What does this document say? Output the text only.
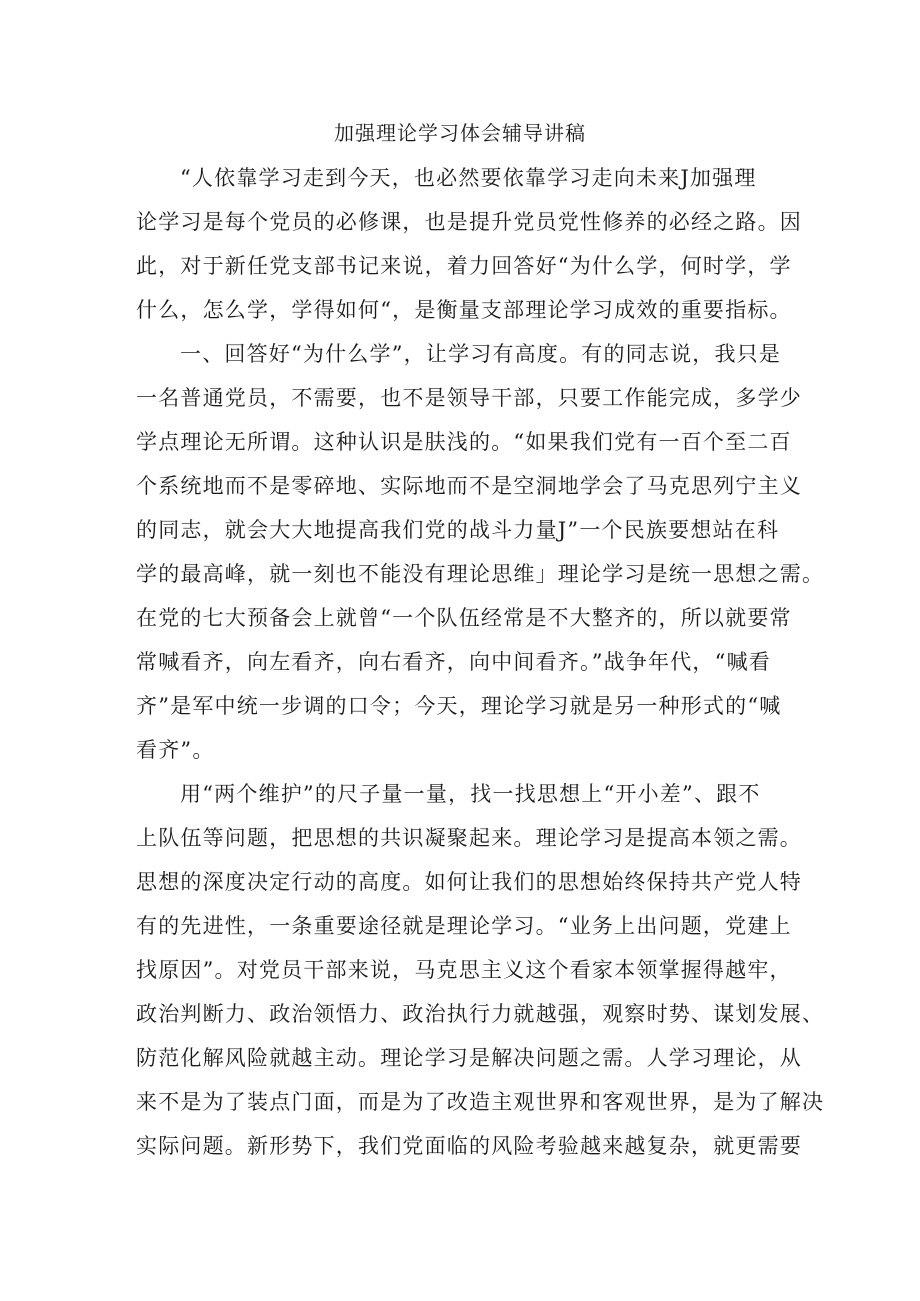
加强理论学习体会辅导讲稿
“人依靠学习走到今天，也必然要依靠学习走向未来J加强理
论学习是每个党员的必修课，也是提升党员党性修养的必经之路。因
此，对于新任党支部书记来说，着力回答好“为什么学，何时学，学
什么，怎么学，学得如何“，是衡量支部理论学习成效的重要指标。
一、回答好“为什么学”，让学习有高度。有的同志说，我只是
一名普通党员，不需要，也不是领导干部，只要工作能完成，多学少
学点理论无所谓。这种认识是肤浅的。“如果我们党有一百个至二百
个系统地而不是零碎地、实际地而不是空洞地学会了马克思列宁主义
的同志，就会大大地提高我们党的战斗力量J”一个民族要想站在科
学的最高峰，就一刻也不能没有理论思维」理论学习是统一思想之需。
在党的七大预备会上就曾“一个队伍经常是不大整齐的，所以就要常
常喊看齐，向左看齐，向右看齐，向中间看齐。”战争年代，“喊看
齐”是军中统一步调的口令；今天，理论学习就是另一种形式的“喊
看齐”。
用“两个维护”的尺子量一量，找一找思想上“开小差”、跟不
上队伍等问题，把思想的共识凝聚起来。理论学习是提高本领之需。
思想的深度决定行动的高度。如何让我们的思想始终保持共产党人特
有的先进性，一条重要途径就是理论学习。“业务上出问题，党建上
找原因”。对党员干部来说，马克思主义这个看家本领掌握得越牢，
政治判断力、政治领悟力、政治执行力就越强，观察时势、谋划发展、
防范化解风险就越主动。理论学习是解决问题之需。人学习理论，从
来不是为了装点门面，而是为了改造主观世界和客观世界，是为了解决
实际问题。新形势下，我们党面临的风险考验越来越复杂，就更需要
